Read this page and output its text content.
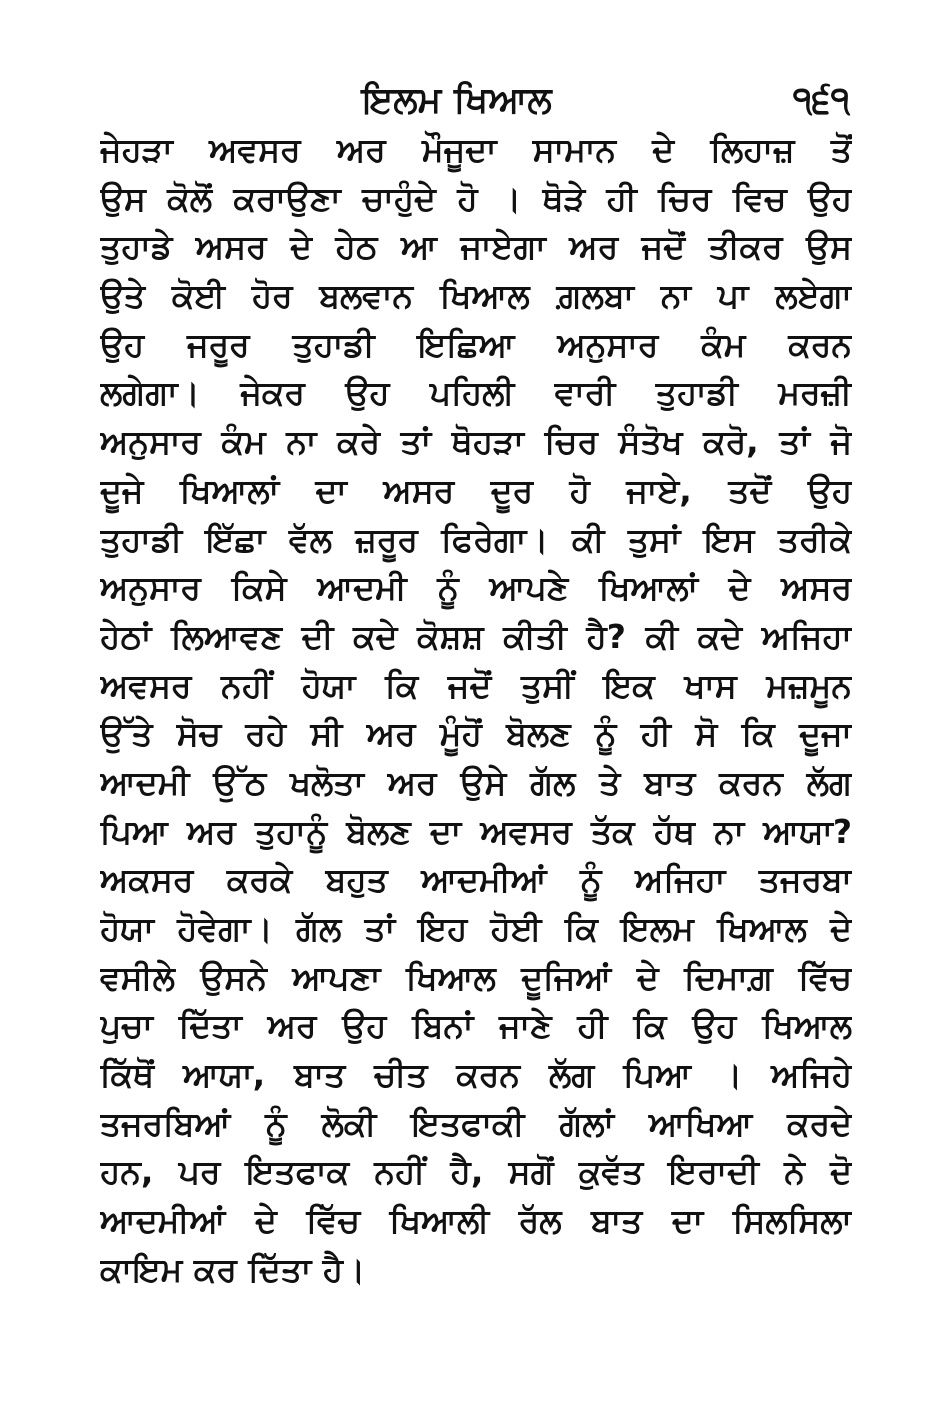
ਇਲਮ ਖਿਆਲ	੧੬੧
ਜੇਹੜਾ ਅਵਸਰ ਅਰ ਮੌਜੂਦਾ ਸਾਮਾਨ ਦੇ ਲਿਹਾਜ਼ ਤੋਂ
ਉਸ ਕੋਲੋਂ ਕਰਾਉਣਾ ਚਾਹੁੰਦੇ ਹੋ । ਥੋੜੇ ਹੀ ਚਿਰ ਵਿਚ ਉਹ
ਤੁਹਾਡੇ ਅਸਰ ਦੇ ਹੇਠ ਆ ਜਾਏਗਾ ਅਰ ਜਦੋਂ ਤੀਕਰ ਉਸ
ਉਤੇ ਕੋਈ ਹੋਰ ਬਲਵਾਨ ਖਿਆਲ ਗ਼ਲਬਾ ਨਾ ਪਾ ਲਏਗਾ
ਉਹ ਜਰੂਰ ਤੁਹਾਡੀ ਇਛਿਆ ਅਨੁਸਾਰ ਕੰਮ ਕਰਨ
ਲਗੇਗਾ। ਜੇਕਰ ਉਹ ਪਹਿਲੀ ਵਾਰੀ ਤੁਹਾਡੀ ਮਰਜ਼ੀ
ਅਨੁਸਾਰ ਕੰਮ ਨਾ ਕਰੇ ਤਾਂ ਥੋਹੜਾ ਚਿਰ ਸੰਤੋਖ ਕਰੋ, ਤਾਂ ਜੋ
ਦੂਜੇ ਖਿਆਲਾਂ ਦਾ ਅਸਰ ਦੂਰ ਹੋ ਜਾਏ, ਤਦੋਂ ਉਹ
ਤੁਹਾਡੀ ਇੱਛਾ ਵੱਲ ਜ਼ਰੂਰ ਫਿਰੇਗਾ। ਕੀ ਤੁਸਾਂ ਇਸ ਤਰੀਕੇ
ਅਨੁਸਾਰ ਕਿਸੇ ਆਦਮੀ ਨੂੰ ਆਪਣੇ ਖਿਆਲਾਂ ਦੇ ਅਸਰ
ਹੇਠਾਂ ਲਿਆਵਣ ਦੀ ਕਦੇ ਕੋਸ਼ਸ਼ ਕੀਤੀ ਹੈ? ਕੀ ਕਦੇ ਅਜਿਹਾ
ਅਵਸਰ ਨਹੀਂ ਹੋਯਾ ਕਿ ਜਦੋਂ ਤੁਸੀਂ ਇਕ ਖਾਸ ਮਜ਼ਮੂਨ
ਉੱਤੇ ਸੋਚ ਰਹੇ ਸੀ ਅਰ ਮੂੰਹੋਂ ਬੋਲਣ ਨੂੰ ਹੀ ਸੋ ਕਿ ਦੂਜਾ
ਆਦਮੀ ਉੱਠ ਖਲੋਤਾ ਅਰ ਉਸੇ ਗੱਲ ਤੇ ਬਾਤ ਕਰਨ ਲੱਗ
ਪਿਆ ਅਰ ਤੁਹਾਨੂੰ ਬੋਲਣ ਦਾ ਅਵਸਰ ਤੱਕ ਹੱਥ ਨਾ ਆਯਾ?
ਅਕਸਰ ਕਰਕੇ ਬਹੁਤ ਆਦਮੀਆਂ ਨੂੰ ਅਜਿਹਾ ਤਜਰਬਾ
ਹੋਯਾ ਹੋਵੇਗਾ। ਗੱਲ ਤਾਂ ਇਹ ਹੋਈ ਕਿ ਇਲਮ ਖਿਆਲ ਦੇ
ਵਸੀਲੇ ਉਸਨੇ ਆਪਣਾ ਖਿਆਲ ਦੂਜਿਆਂ ਦੇ ਦਿਮਾਗ਼ ਵਿੱਚ
ਪੁਚਾ ਦਿੱਤਾ ਅਰ ਉਹ ਬਿਨਾਂ ਜਾਣੇ ਹੀ ਕਿ ਉਹ ਖਿਆਲ
ਕਿੱਥੋਂ ਆਯਾ, ਬਾਤ ਚੀਤ ਕਰਨ ਲੱਗ ਪਿਆ । ਅਜਿਹੇ
ਤਜਰਬਿਆਂ ਨੂੰ ਲੋਕੀ ਇਤਫਾਕੀ ਗੱਲਾਂ ਆਖਿਆ ਕਰਦੇ
ਹਨ, ਪਰ ਇਤਫਾਕ ਨਹੀਂ ਹੈ, ਸਗੋਂ ਕੁਵੱਤ ਇਰਾਦੀ ਨੇ ਦੋ
ਆਦਮੀਆਂ ਦੇ ਵਿੱਚ ਖਿਆਲੀ ਰੱਲ ਬਾਤ ਦਾ ਸਿਲਸਿਲਾ
ਕਾਇਮ ਕਰ ਦਿੱਤਾ ਹੈ।
